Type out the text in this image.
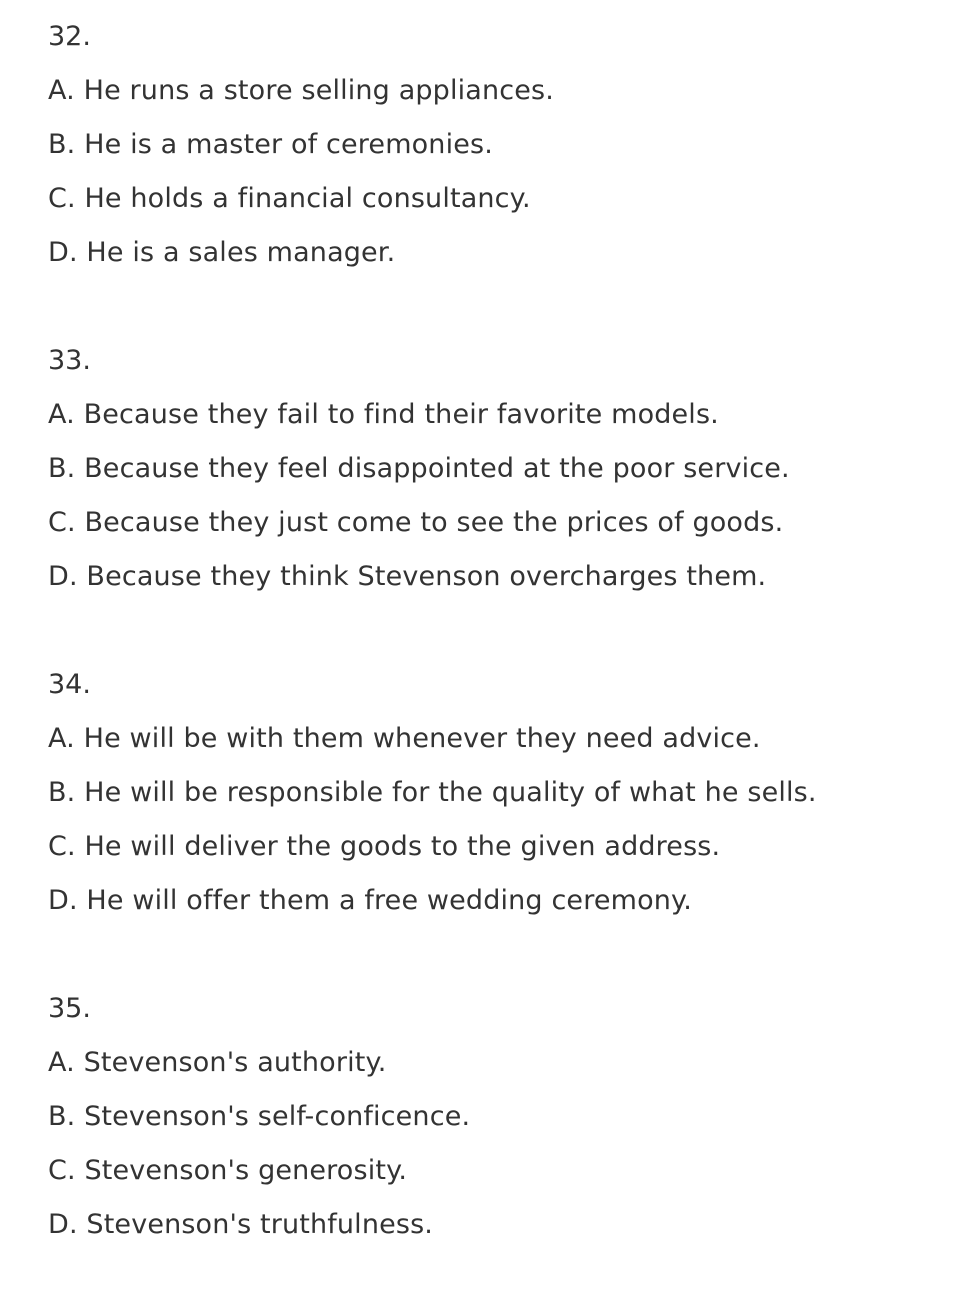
32.
A. He runs a store selling appliances.
B. He is a master of ceremonies.
C. He holds a financial consultancy.
D. He is a sales manager.
33.
A. Because they fail to find their favorite models.
B. Because they feel disappointed at the poor service.
C. Because they just come to see the prices of goods.
D. Because they think Stevenson overcharges them.
34.
A. He will be with them whenever they need advice.
B. He will be responsible for the quality of what he sells.
C. He will deliver the goods to the given address.
D. He will offer them a free wedding ceremony.
35.
A. Stevenson's authority.
B. Stevenson's self-conficence.
C. Stevenson's generosity.
D. Stevenson's truthfulness.
